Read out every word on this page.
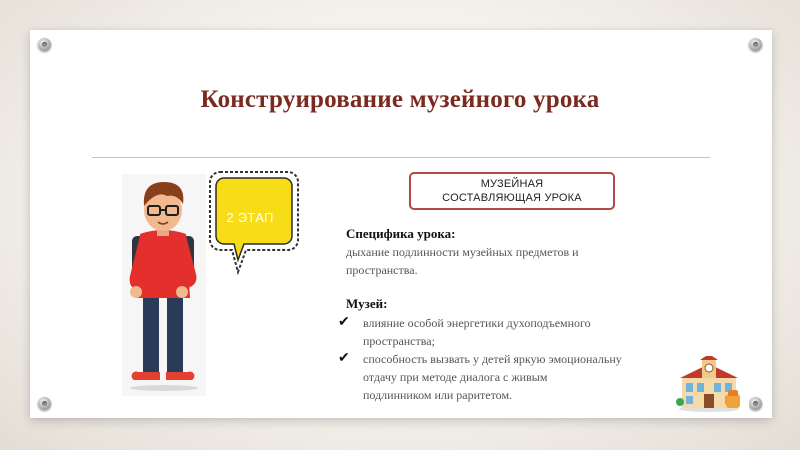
Конструирование музейного урока
2 ЭТАП
МУЗЕЙНАЯ
СОСТАВЛЯЮЩАЯ УРОКА
Специфика урока:
дыхание подлинности музейных предметов и
пространства.
Музей:
✔ влияние особой энергетики духоподъемного
пространства;
✔ способность вызвать у детей яркую эмоциональну
отдачу при методе диалога с живым
подлинником или раритетом.
